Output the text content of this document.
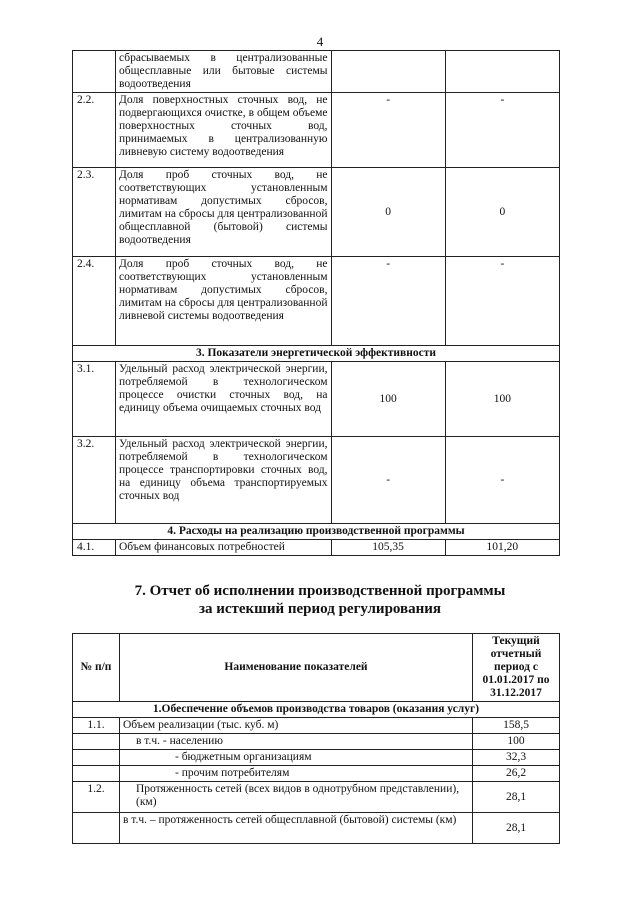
4
	сбрасываемых в централизованные общесплавные или бытовые системы водоотведения		
2.2.	Доля поверхностных сточных вод, не подвергающихся очистке, в общем объеме поверхностных сточных вод, принимаемых в централизованную ливневую систему водоотведения	-	-
2.3.	Доля проб сточных вод, не соответствующих установленным нормативам допустимых сбросов, лимитам на сбросы для централизованной общесплавной (бытовой) системы водоотведения	0	0
2.4.	Доля проб сточных вод, не соответствующих установленным нормативам допустимых сбросов, лимитам на сбросы для централизованной ливневой системы водоотведения	-	-
3. Показатели энергетической эффективности			
3.1.	Удельный расход электрической энергии, потребляемой в технологическом процессе очистки сточных вод, на единицу объема очищаемых сточных вод	100	100
3.2.	Удельный расход электрической энергии, потребляемой в технологическом процессе транспортировки сточных вод, на единицу объема транспортируемых сточных вод	-	-
4. Расходы на реализацию производственной программы			
4.1.	Объем финансовых потребностей	105,35	101,20
7. Отчет об исполнении производственной программы
за истекший период регулирования
№ п/п	Наименование показателей	Текущий отчетный период с 01.01.2017 по 31.12.2017
1.Обеспечение объемов производства товаров (оказания услуг)		
1.1.	Объем реализации (тыс. куб. м)	158,5
	в т.ч. - населению	100
	- бюджетным организациям	32,3
	- прочим потребителям	26,2
1.2.	Протяженность сетей (всех видов в однотрубном представлении), (км)	28,1
	в т.ч. – протяженность сетей общесплавной (бытовой) системы (км)	28,1
